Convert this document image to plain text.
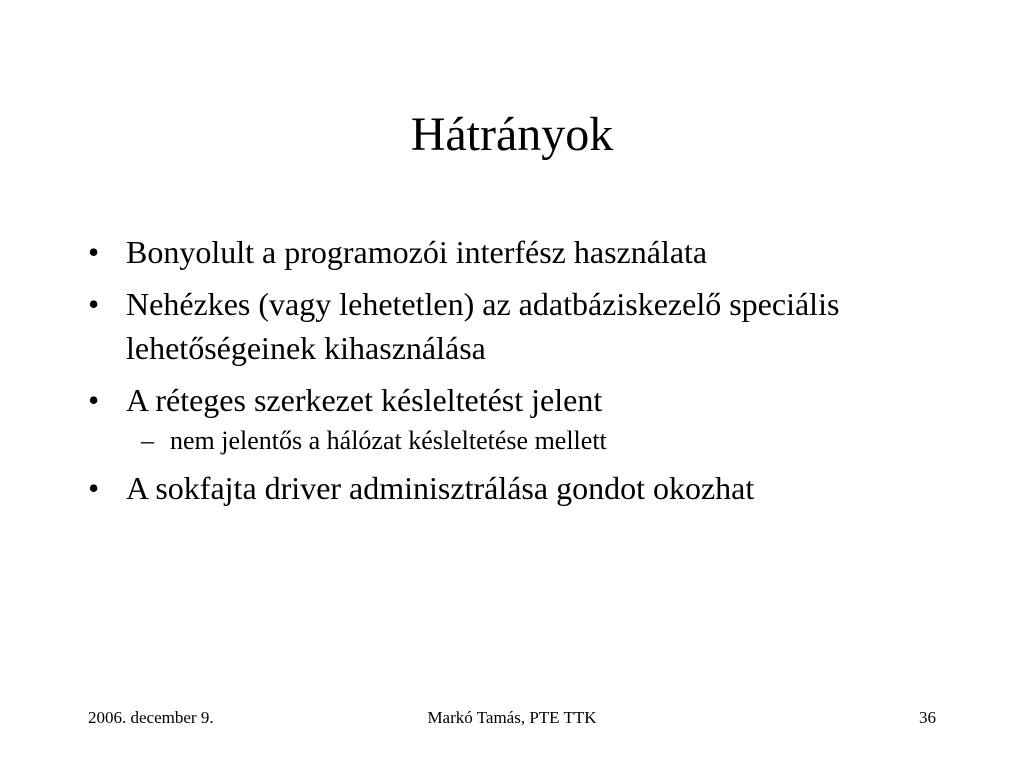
Hátrányok
• Bonyolult a programozói interfész használata
• Nehézkes (vagy lehetetlen) az adatbáziskezelő speciális lehetőségeinek kihasználása
• A réteges szerkezet késleltetést jelent
– nem jelentős a hálózat késleltetése mellett
• A sokfajta driver adminisztrálása gondot okozhat
2006. december 9.	Markó Tamás, PTE TTK	36
